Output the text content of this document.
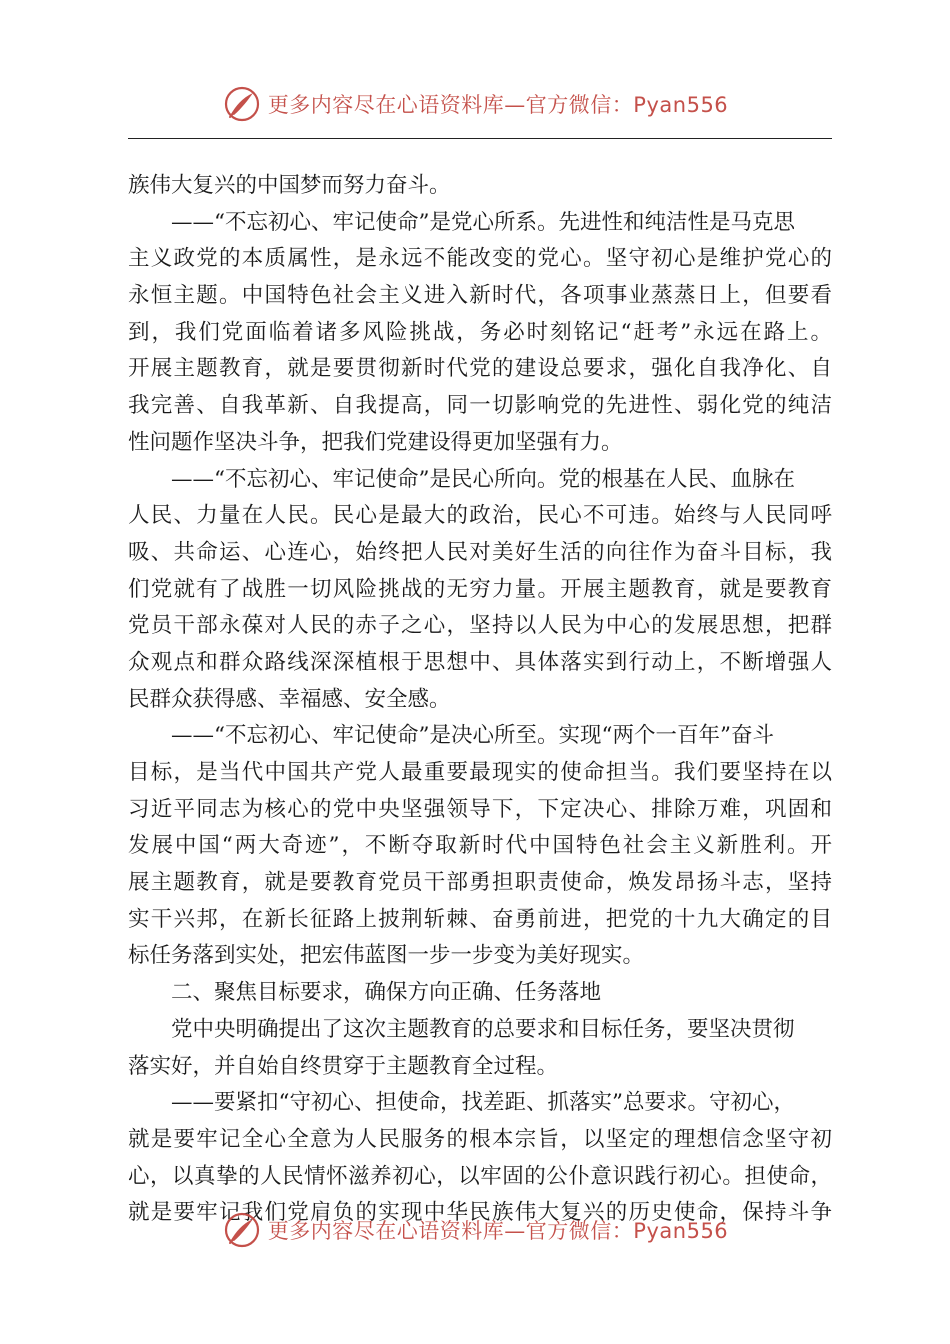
更多内容尽在心语资料库—官方微信：Pyan556
族伟大复兴的中国梦而努力奋斗。
——“不忘初心、牢记使命”是党心所系。先进性和纯洁性是马克思
主义政党的本质属性，是永远不能改变的党心。坚守初心是维护党心的
永恒主题。中国特色社会主义进入新时代，各项事业蒸蒸日上，但要看
到，我们党面临着诸多风险挑战，务必时刻铭记“赶考”永远在路上。
开展主题教育，就是要贯彻新时代党的建设总要求，强化自我净化、自
我完善、自我革新、自我提高，同一切影响党的先进性、弱化党的纯洁
性问题作坚决斗争，把我们党建设得更加坚强有力。
——“不忘初心、牢记使命”是民心所向。党的根基在人民、血脉在
人民、力量在人民。民心是最大的政治，民心不可违。始终与人民同呼
吸、共命运、心连心，始终把人民对美好生活的向往作为奋斗目标，我
们党就有了战胜一切风险挑战的无穷力量。开展主题教育，就是要教育
党员干部永葆对人民的赤子之心，坚持以人民为中心的发展思想，把群
众观点和群众路线深深植根于思想中、具体落实到行动上，不断增强人
民群众获得感、幸福感、安全感。
——“不忘初心、牢记使命”是决心所至。实现“两个一百年”奋斗
目标，是当代中国共产党人最重要最现实的使命担当。我们要坚持在以
习近平同志为核心的党中央坚强领导下，下定决心、排除万难，巩固和
发展中国“两大奇迹”，不断夺取新时代中国特色社会主义新胜利。开
展主题教育，就是要教育党员干部勇担职责使命，焕发昂扬斗志，坚持
实干兴邦，在新长征路上披荆斩棘、奋勇前进，把党的十九大确定的目
标任务落到实处，把宏伟蓝图一步一步变为美好现实。
二、聚焦目标要求，确保方向正确、任务落地
党中央明确提出了这次主题教育的总要求和目标任务，要坚决贯彻
落实好，并自始自终贯穿于主题教育全过程。
——要紧扣“守初心、担使命，找差距、抓落实”总要求。守初心，
就是要牢记全心全意为人民服务的根本宗旨，以坚定的理想信念坚守初
心，以真挚的人民情怀滋养初心，以牢固的公仆意识践行初心。担使命，
就是要牢记我们党肩负的实现中华民族伟大复兴的历史使命，保持斗争
更多内容尽在心语资料库—官方微信：Pyan556
